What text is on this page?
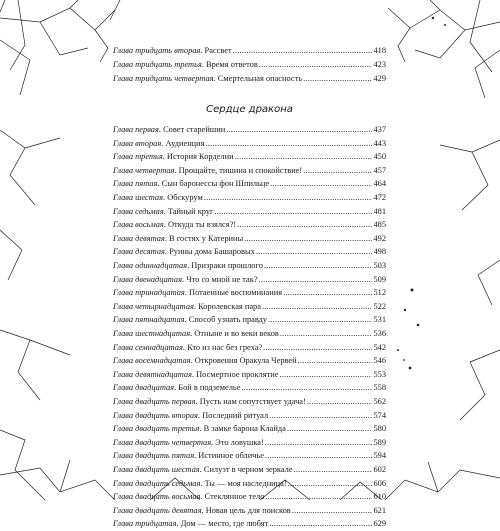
Глава тридцать вторая . Рассвет .....	418
Глава тридцать третья . Время ответов .....	423
Глава тридцать четвертая . Смертельная опасность .....	429
Сердце дракона
Глава первая . Совет старейшин .....	437
Глава вторая . Аудиенция .....	443
Глава третья . История Корделии .....	450
Глава четвертая . Прощайте, тишина и спокойствие! .....	457
Глава пятая . Сын баронессы фон Шпильце .....	464
Глава шестая . Обскурум .....	472
Глава седьмая . Тайный круг .....	481
Глава восьмая . Откуда ты взялся?! .....	485
Глава девятая . В гостях у Катерины .....	492
Глава десятая . Руины дома Башаровых .....	498
Глава одиннадцатая . Призраки прошлого .....	503
Глава двенадцатая . Что со мной не так? .....	509
Глава тринадцатая . Потаенные воспоминания .....	512
Глава четырнадцатая . Королевская пара .....	522
Глава пятнадцатая . Способ узнать правду .....	531
Глава шестнадцатая . Отныне и во веки веков .....	536
Глава семнадцатая . Кто из нас без греха? .....	542
Глава восемнадцатая . Откровения Оракула Червей .....	546
Глава девятнадцатая . Посмертное проклятие .....	553
Глава двадцатая . Бой в подземелье .....	558
Глава двадцать первая . Пусть нам сопутствует удача! .....	562
Глава двадцать вторая . Последний ритуал .....	574
Глава двадцать третья . В замке барона Клайда .....	580
Глава двадцать четвертая . Это ловушка! .....	589
Глава двадцать пятая . Истинное обличье .....	594
Глава двадцать шестая . Силуэт в черном зеркале .....	602
Глава двадцать седьмая . Ты — моя наследница! .....	606
Глава двадцать восьмая . Стеклянное тело .....	610
Глава двадцать девятая . Новая цель для поисков .....	621
Глава тридцатая . Дом — место, где любят .....	629
